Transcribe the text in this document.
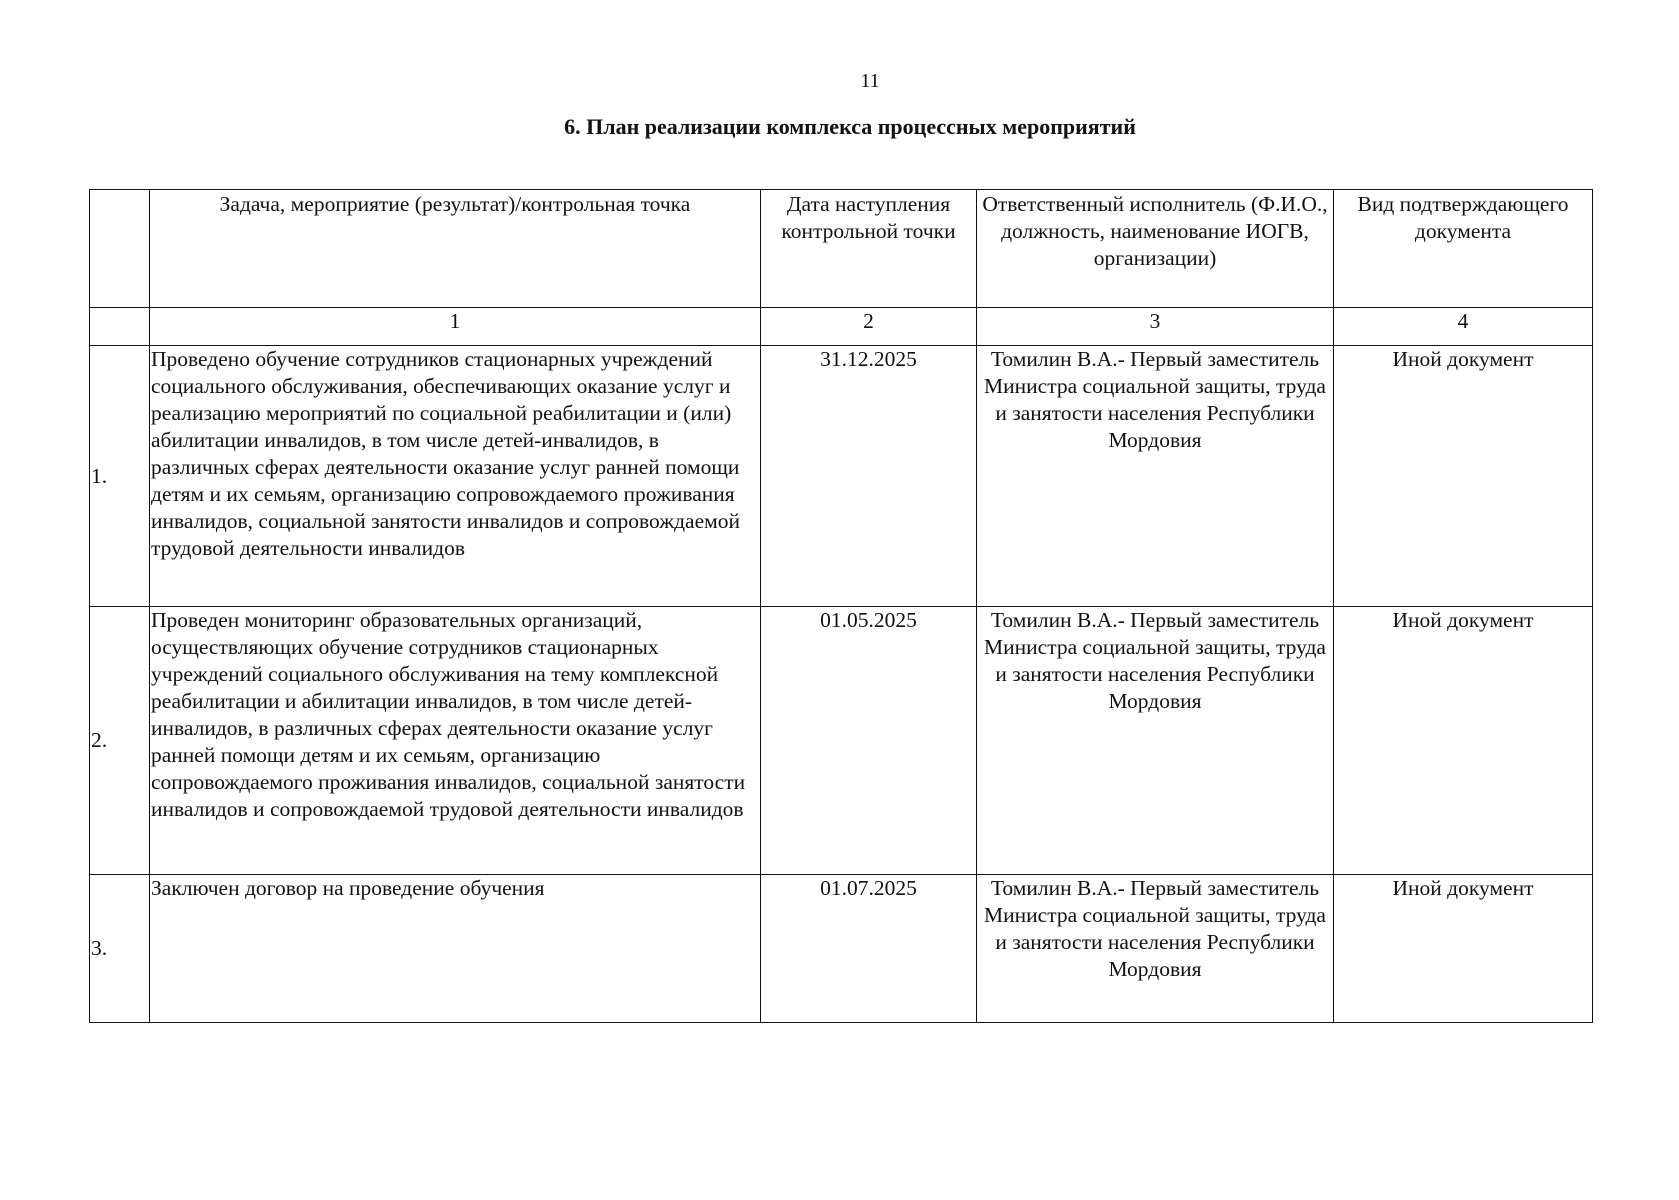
11
6. План реализации комплекса процессных мероприятий
	Задача, мероприятие (результат)/контрольная точка	Дата наступления контрольной точки	Ответственный исполнитель (Ф.И.О., должность, наименование ИОГВ, организации)	Вид подтверждающего документа
	1	2	3	4
1.	Проведено обучение сотрудников стационарных учреждений социального обслуживания, обеспечивающих оказание услуг и реализацию мероприятий по социальной реабилитации и (или) абилитации инвалидов, в том числе детей-инвалидов, в различных сферах деятельности оказание услуг ранней помощи детям и их семьям, организацию сопровождаемого проживания инвалидов, социальной занятости инвалидов и сопровождаемой трудовой деятельности инвалидов	31.12.2025	Томилин В.А.- Первый заместитель Министра социальной защиты, труда и занятости населения Республики Мордовия	Иной документ
2.	Проведен мониторинг образовательных организаций, осуществляющих обучение сотрудников стационарных учреждений социального обслуживания на тему комплексной реабилитации и абилитации инвалидов, в том числе детей-инвалидов, в различных сферах деятельности оказание услуг ранней помощи детям и их семьям, организацию сопровождаемого проживания инвалидов, социальной занятости инвалидов и сопровождаемой трудовой деятельности инвалидов	01.05.2025	Томилин В.А.- Первый заместитель Министра социальной защиты, труда и занятости населения Республики Мордовия	Иной документ
3.	Заключен договор на проведение обучения	01.07.2025	Томилин В.А.- Первый заместитель Министра социальной защиты, труда и занятости населения Республики Мордовия	Иной документ
